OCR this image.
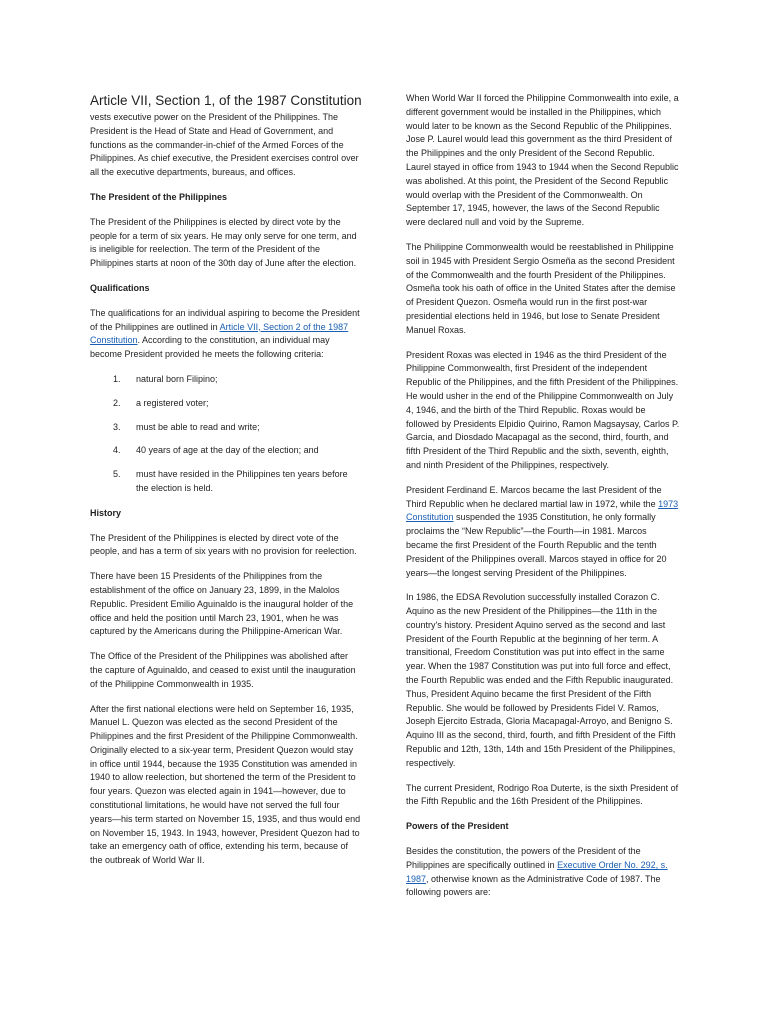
Article VII, Section 1, of the 1987 Constitution

vests executive power on the President of the Philippines. The President is the Head of State and Head of Government, and functions as the commander-in-chief of the Armed Forces of the Philippines. As chief executive, the President exercises control over all the executive departments, bureaus, and offices.

The President of the Philippines

The President of the Philippines is elected by direct vote by the people for a term of six years. He may only serve for one term, and is ineligible for reelection. The term of the President of the Philippines starts at noon of the 30th day of June after the election.

Qualifications

The qualifications for an individual aspiring to become the President of the Philippines are outlined in Article VII, Section 2 of the 1987 Constitution. According to the constitution, an individual may become President provided he meets the following criteria:

1. natural born Filipino;
2. a registered voter;
3. must be able to read and write;
4. 40 years of age at the day of the election; and
5. must have resided in the Philippines ten years before the election is held.
History

The President of the Philippines is elected by direct vote of the people, and has a term of six years with no provision for reelection.

There have been 15 Presidents of the Philippines from the establishment of the office on January 23, 1899, in the Malolos Republic. President Emilio Aguinaldo is the inaugural holder of the office and held the position until March 23, 1901, when he was captured by the Americans during the Philippine-American War.

The Office of the President of the Philippines was abolished after the capture of Aguinaldo, and ceased to exist until the inauguration of the Philippine Commonwealth in 1935.

After the first national elections were held on September 16, 1935, Manuel L. Quezon was elected as the second President of the Philippines and the first President of the Philippine Commonwealth. Originally elected to a six-year term, President Quezon would stay in office until 1944, because the 1935 Constitution was amended in 1940 to allow reelection, but shortened the term of the President to four years. Quezon was elected again in 1941—however, due to constitutional limitations, he would have not served the full four years—his term started on November 15, 1935, and thus would end on November 15, 1943. In 1943, however, President Quezon had to take an emergency oath of office, extending his term, because of the outbreak of World War II.

When World War II forced the Philippine Commonwealth into exile, a different government would be installed in the Philippines, which would later to be known as the Second Republic of the Philippines. Jose P. Laurel would lead this government as the third President of the Philippines and the only President of the Second Republic. Laurel stayed in office from 1943 to 1944 when the Second Republic was abolished. At this point, the President of the Second Republic would overlap with the President of the Commonwealth. On September 17, 1945, however, the laws of the Second Republic were declared null and void by the Supreme.

The Philippine Commonwealth would be reestablished in Philippine soil in 1945 with President Sergio Osmeña as the second President of the Commonwealth and the fourth President of the Philippines. Osmeña took his oath of office in the United States after the demise of President Quezon. Osmeña would run in the first post-war presidential elections held in 1946, but lose to Senate President Manuel Roxas.

President Roxas was elected in 1946 as the third President of the Philippine Commonwealth, first President of the independent Republic of the Philippines, and the fifth President of the Philippines. He would usher in the end of the Philippine Commonwealth on July 4, 1946, and the birth of the Third Republic. Roxas would be followed by Presidents Elpidio Quirino, Ramon Magsaysay, Carlos P. Garcia, and Diosdado Macapagal as the second, third, fourth, and fifth President of the Third Republic and the sixth, seventh, eighth, and ninth President of the Philippines, respectively.

President Ferdinand E. Marcos became the last President of the Third Republic when he declared martial law in 1972, while the 1973 Constitution suspended the 1935 Constitution, he only formally proclaims the “New Republic”—the Fourth—in 1981. Marcos became the first President of the Fourth Republic and the tenth President of the Philippines overall. Marcos stayed in office for 20 years—the longest serving President of the Philippines.

In 1986, the EDSA Revolution successfully installed Corazon C. Aquino as the new President of the Philippines—the 11th in the country's history. President Aquino served as the second and last President of the Fourth Republic at the beginning of her term. A transitional, Freedom Constitution was put into effect in the same year. When the 1987 Constitution was put into full force and effect, the Fourth Republic was ended and the Fifth Republic inaugurated. Thus, President Aquino became the first President of the Fifth Republic. She would be followed by Presidents Fidel V. Ramos, Joseph Ejercito Estrada, Gloria Macapagal-Arroyo, and Benigno S. Aquino III as the second, third, fourth, and fifth President of the Fifth Republic and 12th, 13th, 14th and 15th President of the Philippines, respectively.

The current President, Rodrigo Roa Duterte, is the sixth President of the Fifth Republic and the 16th President of the Philippines.

Powers of the President

Besides the constitution, the powers of the President of the Philippines are specifically outlined in Executive Order No. 292, s. 1987, otherwise known as the Administrative Code of 1987. The following powers are:
